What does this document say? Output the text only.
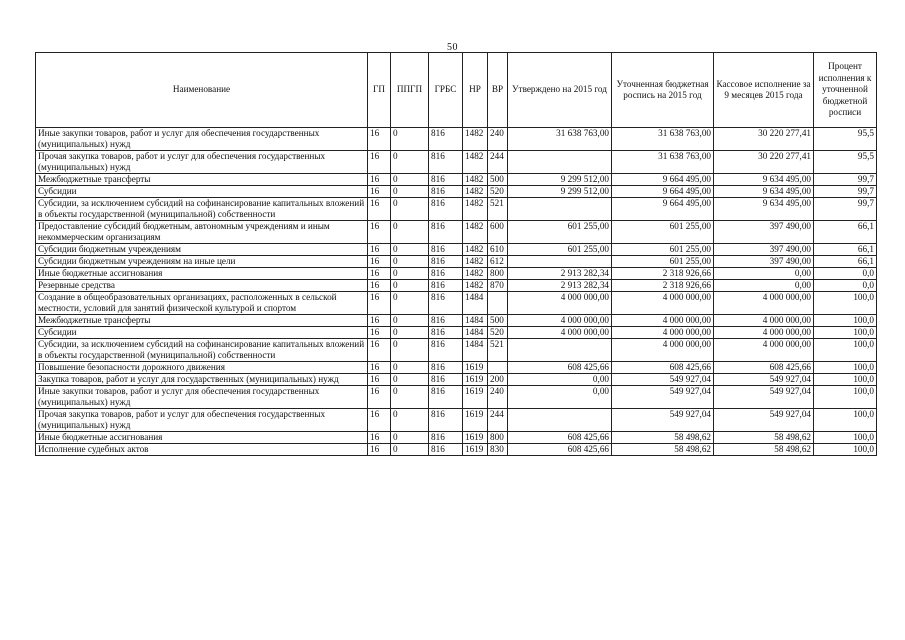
50
Наименование	ГП	ППГП	ГРБС	НР	ВР	Утверждено на 2015 год	Уточненная бюджетная роспись на 2015 год	Кассовое исполнение за 9 месяцев 2015 года	Процент исполнения к уточненной бюджетной росписи
Иные закупки товаров, работ и услуг для обеспечения государственных (муниципальных) нужд	16	0	816	1482	240	31 638 763,00	31 638 763,00	30 220 277,41	95,5
Прочая закупка товаров, работ и услуг для обеспечения государственных (муниципальных) нужд	16	0	816	1482	244		31 638 763,00	30 220 277,41	95,5
Межбюджетные трансферты	16	0	816	1482	500	9 299 512,00	9 664 495,00	9 634 495,00	99,7
Субсидии	16	0	816	1482	520	9 299 512,00	9 664 495,00	9 634 495,00	99,7
Субсидии, за исключением субсидий на софинансирование капитальных вложений в объекты государственной (муниципальной) собственности	16	0	816	1482	521		9 664 495,00	9 634 495,00	99,7
Предоставление субсидий бюджетным, автономным учреждениям и иным некоммерческим организациям	16	0	816	1482	600	601 255,00	601 255,00	397 490,00	66,1
Субсидии бюджетным учреждениям	16	0	816	1482	610	601 255,00	601 255,00	397 490,00	66,1
Субсидии бюджетным учреждениям на иные цели	16	0	816	1482	612		601 255,00	397 490,00	66,1
Иные бюджетные ассигнования	16	0	816	1482	800	2 913 282,34	2 318 926,66	0,00	0,0
Резервные средства	16	0	816	1482	870	2 913 282,34	2 318 926,66	0,00	0,0
Создание в общеобразовательных организациях, расположенных в сельской местности, условий для занятий физической культурой и спортом	16	0	816	1484		4 000 000,00	4 000 000,00	4 000 000,00	100,0
Межбюджетные трансферты	16	0	816	1484	500	4 000 000,00	4 000 000,00	4 000 000,00	100,0
Субсидии	16	0	816	1484	520	4 000 000,00	4 000 000,00	4 000 000,00	100,0
Субсидии, за исключением субсидий на софинансирование капитальных вложений в объекты государственной (муниципальной) собственности	16	0	816	1484	521		4 000 000,00	4 000 000,00	100,0
Повышение безопасности дорожного движения	16	0	816	1619		608 425,66	608 425,66	608 425,66	100,0
Закупка товаров, работ и услуг для государственных (муниципальных) нужд	16	0	816	1619	200	0,00	549 927,04	549 927,04	100,0
Иные закупки товаров, работ и услуг для обеспечения государственных (муниципальных) нужд	16	0	816	1619	240	0,00	549 927,04	549 927,04	100,0
Прочая закупка товаров, работ и услуг для обеспечения государственных (муниципальных) нужд	16	0	816	1619	244		549 927,04	549 927,04	100,0
Иные бюджетные ассигнования	16	0	816	1619	800	608 425,66	58 498,62	58 498,62	100,0
Исполнение судебных актов	16	0	816	1619	830	608 425,66	58 498,62	58 498,62	100,0
